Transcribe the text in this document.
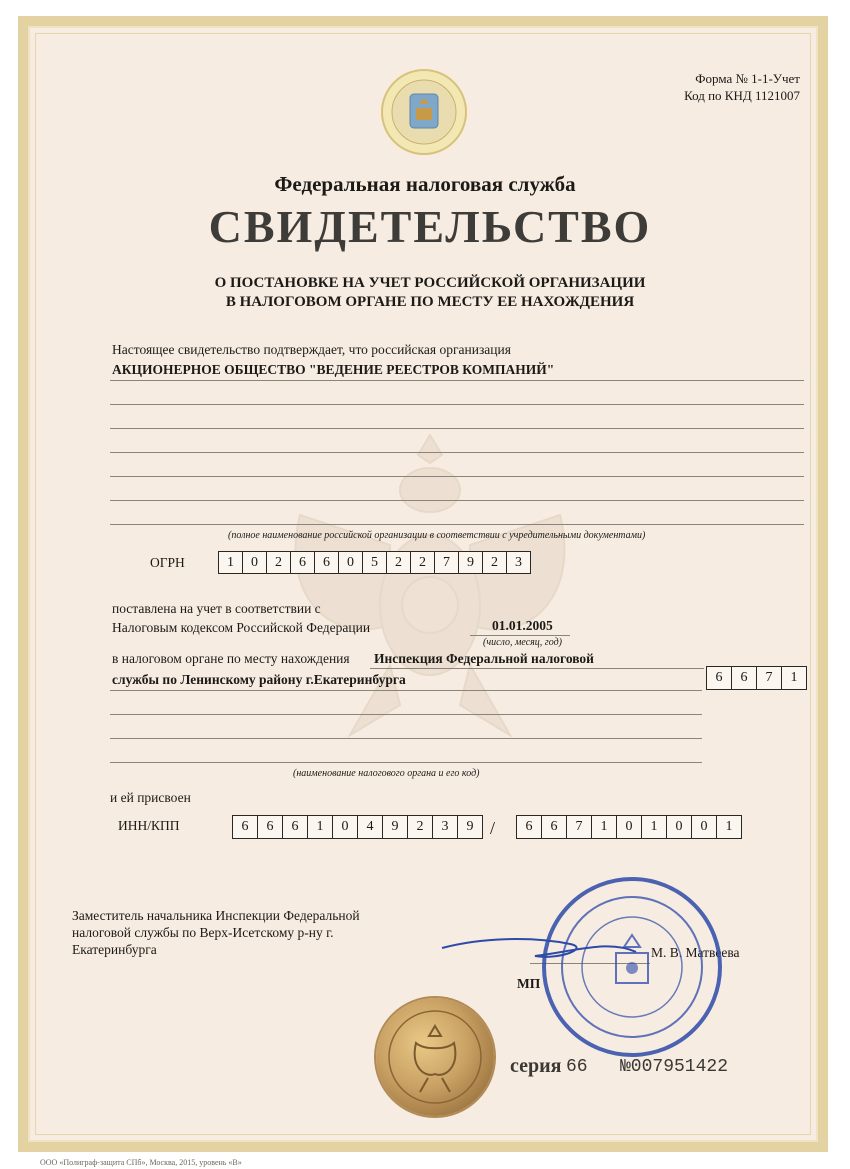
Форма № 1-1-Учет
Код по КНД 1121007
Федеральная налоговая служба
СВИДЕТЕЛЬСТВО
О ПОСТАНОВКЕ НА УЧЕТ РОССИЙСКОЙ ОРГАНИЗАЦИИ
В НАЛОГОВОМ ОРГАНЕ ПО МЕСТУ ЕЕ НАХОЖДЕНИЯ
Настоящее свидетельство подтверждает, что российская организация
АКЦИОНЕРНОЕ ОБЩЕСТВО "ВЕДЕНИЕ РЕЕСТРОВ КОМПАНИЙ"
(полное наименование российской организации в соответствии с учредительными документами)
ОГРН	1	0	2	6	6	0	5	2	2	7	9	2	3
поставлена на учет в соответствии с
Налоговым кодексом Российской Федерации	01.01.2005
(число, месяц, год)
в налоговом органе по месту нахождения Инспекция Федеральной налоговой
службы по Ленинскому району г.Екатеринбурга	6	6	7	1
(наименование налогового органа и его код)
и ей присвоен
ИНН/КПП	6	6	6	1	0	4	9	2	3	9 /	6	6	7	1	0	1	0	0	1
Заместитель начальника Инспекции Федеральной
налоговой службы по Верх-Исетскому р-ну г.
Екатеринбурга	М. В. Матвеева
МП
серия 66 №007951422
ООО «Полиграф-защита СПб», Москва, 2015, уровень «В»
